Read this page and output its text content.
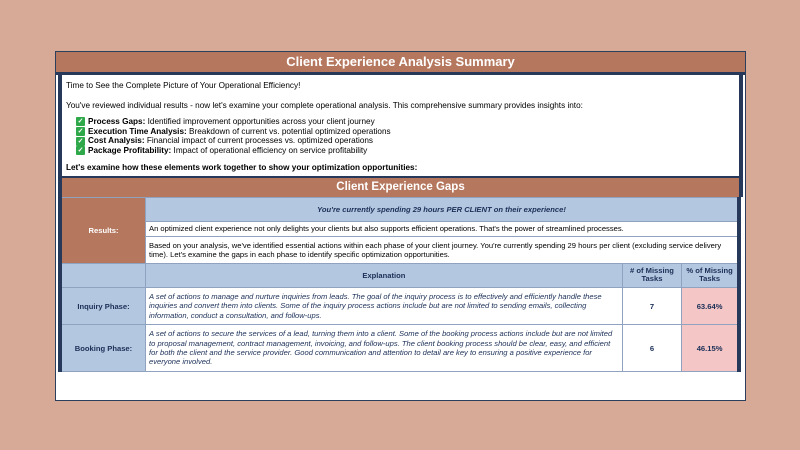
Client Experience Analysis Summary

Time to See the Complete Picture of Your Operational Efficiency!

You've reviewed individual results - now let's examine your complete operational analysis. This comprehensive summary provides insights into:

✓ Process Gaps: Identified improvement opportunities across your client journey
✓ Execution Time Analysis: Breakdown of current vs. potential optimized operations
✓ Cost Analysis: Financial impact of current processes vs. optimized operations
✓ Package Profitability: Impact of operational efficiency on service profitability
Let's examine how these elements work together to show your optimization opportunities:
Client Experience Gaps
Results:	You're currently spending 29 hours PER CLIENT on their experience!		
	An optimized client experience not only delights your clients but also supports efficient operations. That's the power of streamlined processes.		
	Based on your analysis, we've identified essential actions within each phase of your client journey. You're currently spending 29 hours per client (excluding service delivery time). Let's examine the gaps in each phase to identify specific optimization opportunities.		
	Explanation	# of Missing Tasks	% of Missing Tasks
Inquiry Phase:	A set of actions to manage and nurture inquiries from leads. The goal of the inquiry process is to effectively and efficiently handle these inquiries and convert them into clients. Some of the inquiry process actions include but are not limited to sending emails, collecting information, conduct a consultation, and follow-ups.	7	63.64%
Booking Phase:	A set of actions to secure the services of a lead, turning them into a client. Some of the booking process actions include but are not limited to proposal management, contract management, invoicing, and follow-ups. The client booking process should be clear, easy, and efficient for both the client and the service provider. Good communication and attention to detail are key to ensuring a positive experience for everyone involved.	6	46.15%
